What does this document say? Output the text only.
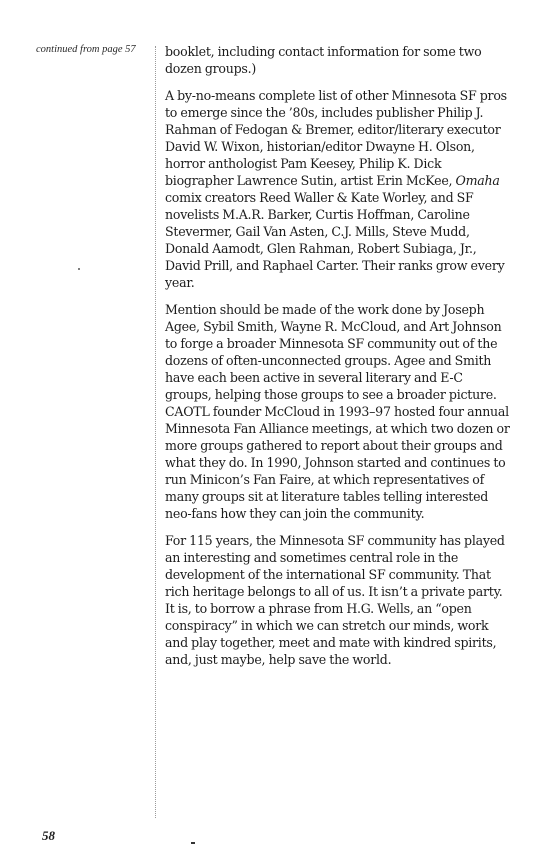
continued from page 57	booklet, including contact information for some two dozen groups.)

A by-no-means complete list of other Minnesota SF pros to emerge since the ’80s, includes publisher Philip J. Rahman of Fedogan & Bremer, editor/literary executor David W. Wixon, historian/editor Dwayne H. Olson, horror anthologist Pam Keesey, Philip K. Dick biographer Lawrence Sutin, artist Erin McKee, Omaha comix creators Reed Waller & Kate Worley, and SF novelists M.A.R. Barker, Curtis Hoffman, Caroline Stevermer, Gail Van Asten, C.J. Mills, Steve Mudd, Donald Aamodt, Glen Rahman, Robert Subiaga, Jr., David Prill, and Raphael Carter. Their ranks grow every year.

Mention should be made of the work done by Joseph Agee, Sybil Smith, Wayne R. McCloud, and Art Johnson to forge a broader Minnesota SF community out of the dozens of often-unconnected groups. Agee and Smith have each been active in several literary and E-C groups, helping those groups to see a broader picture. CAOTL founder McCloud in 1993–97 hosted four annual Minnesota Fan Alliance meetings, at which two dozen or more groups gathered to report about their groups and what they do. In 1990, Johnson started and continues to run Minicon’s Fan Faire, at which representatives of many groups sit at literature tables telling interested neo-fans how they can join the community.

For 115 years, the Minnesota SF community has played an interesting and sometimes central role in the development of the international SF community. That rich heritage belongs to all of us. It isn’t a private party. It is, to borrow a phrase from H.G. Wells, an “open conspiracy” in which we can stretch our minds, work and play together, meet and mate with kindred spirits, and, just maybe, help save the world.

58
